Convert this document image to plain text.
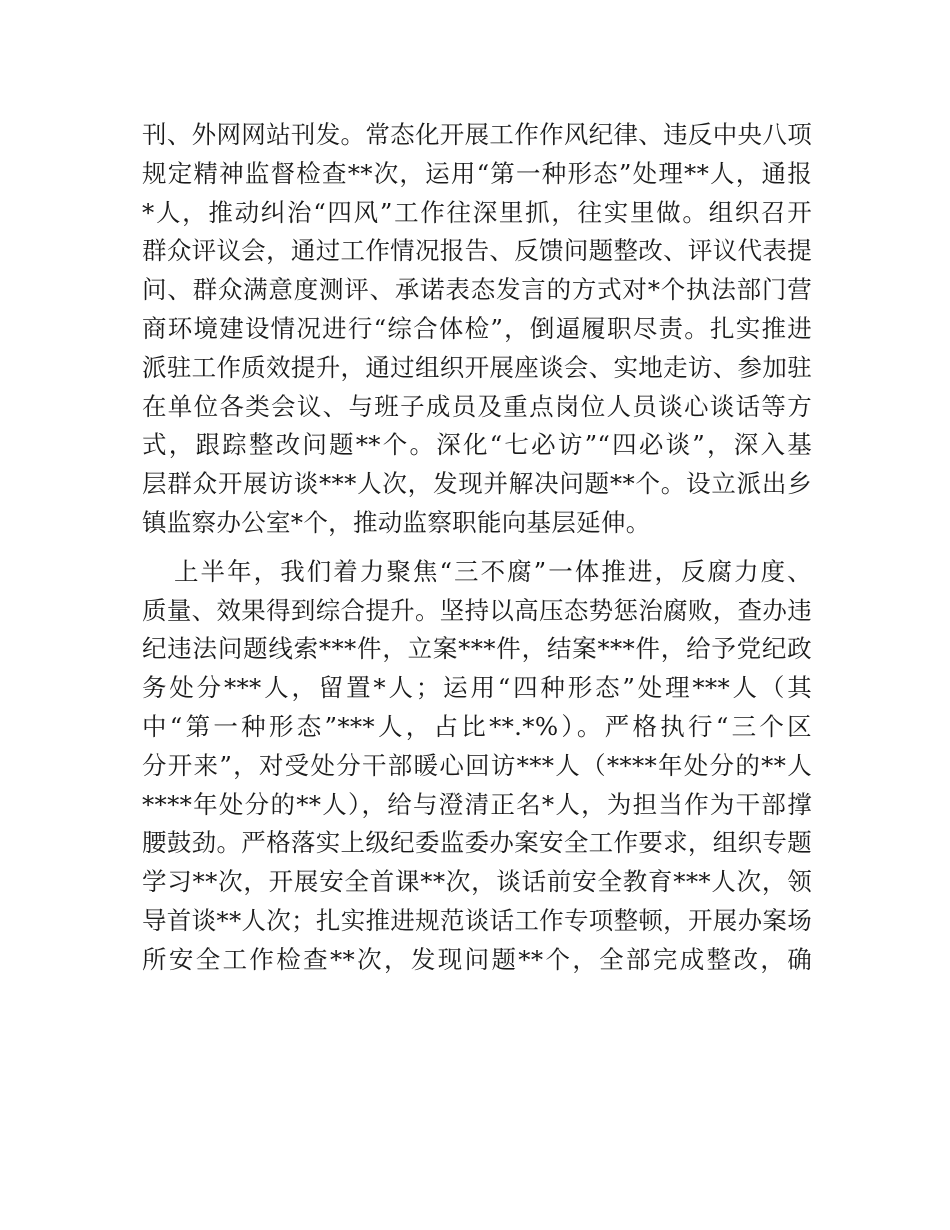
刊、外网网站刊发。常态化开展工作作风纪律、违反中央八项
规定精神监督检查**次，运用“第一种形态”处理**人，通报
*人，推动纠治“四风”工作往深里抓，往实里做。组织召开
群众评议会，通过工作情况报告、反馈问题整改、评议代表提
问、群众满意度测评、承诺表态发言的方式对*个执法部门营
商环境建设情况进行“综合体检”，倒逼履职尽责。扎实推进
派驻工作质效提升，通过组织开展座谈会、实地走访、参加驻
在单位各类会议、与班子成员及重点岗位人员谈心谈话等方
式，跟踪整改问题**个。深化“七必访”“四必谈”，深入基
层群众开展访谈***人次，发现并解决问题**个。设立派出乡
镇监察办公室*个，推动监察职能向基层延伸。
上半年，我们着力聚焦“三不腐”一体推进，反腐力度、
质量、效果得到综合提升。坚持以高压态势惩治腐败，查办违
纪违法问题线索***件，立案***件，结案***件，给予党纪政
务处分***人，留置*人；运用“四种形态”处理***人（其
中“第一种形态”***人，占比**.*%）。严格执行“三个区
分开来”，对受处分干部暖心回访***人（****年处分的**人
****年处分的**人），给与澄清正名*人，为担当作为干部撑
腰鼓劲。严格落实上级纪委监委办案安全工作要求，组织专题
学习**次，开展安全首课**次，谈话前安全教育***人次，领
导首谈**人次；扎实推进规范谈话工作专项整顿，开展办案场
所安全工作检查**次，发现问题**个，全部完成整改，确
